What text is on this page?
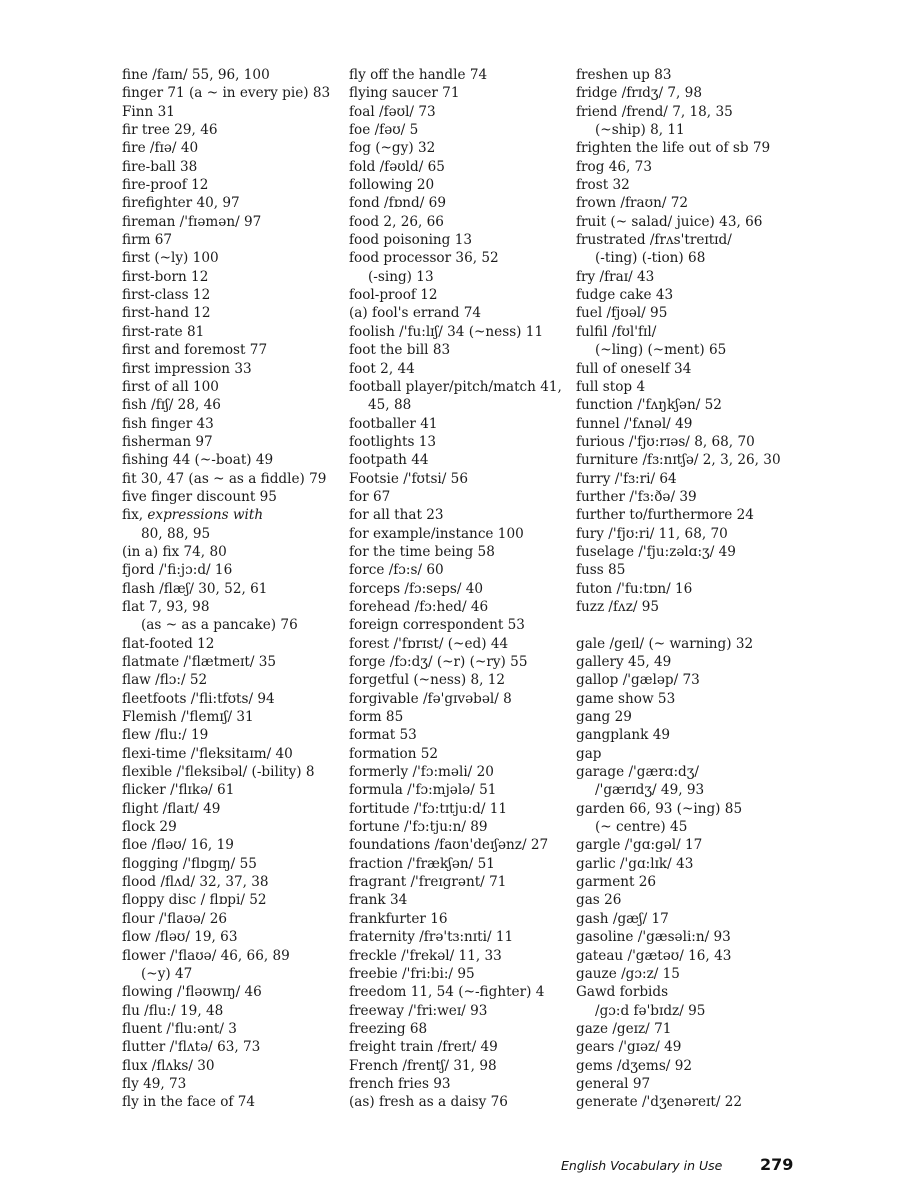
fine /faɪn/ 55, 96, 100
finger 71 (a ~ in every pie) 83
Finn 31
fir tree 29, 46
fire /fɪə/ 40
fire-ball 38
fire-proof 12
firefighter 40, 97
fireman /'fɪəmən/ 97
firm 67
first (~ly) 100
first-born 12
first-class 12
first-hand 12
first-rate 81
first and foremost 77
first impression 33
first of all 100
fish /fɪʃ/ 28, 46
fish finger 43
fisherman 97
fishing 44 (~-boat) 49
fit 30, 47 (as ~ as a fiddle) 79
five finger discount 95
fix, expressions with
80, 88, 95
(in a) fix 74, 80
fjord /'fi:jɔ:d/ 16
flash /flæʃ/ 30, 52, 61
flat 7, 93, 98
(as ~ as a pancake) 76
flat-footed 12
flatmate /'flætmeɪt/ 35
flaw /flɔ:/ 52
fleetfoots /'fli:tfʊts/ 94
Flemish /'flemɪʃ/ 31
flew /flu:/ 19
flexi-time /'fleksitaɪm/ 40
flexible /'fleksibəl/ (-bility) 8
flicker /'flɪkə/ 61
flight /flaɪt/ 49
flock 29
floe /fləʊ/ 16, 19
flogging /'flɒgɪŋ/ 55
flood /flʌd/ 32, 37, 38
floppy disc / flɒpi/ 52
flour /'flaʊə/ 26
flow /fləʊ/ 19, 63
flower /'flaʊə/ 46, 66, 89
(~y) 47
flowing /'fləʊwɪŋ/ 46
flu /flu:/ 19, 48
fluent /'flu:ənt/ 3
flutter /'flʌtə/ 63, 73
flux /flʌks/ 30
fly 49, 73
fly in the face of 74
fly off the handle 74
flying saucer 71
foal /fəʊl/ 73
foe /fəʊ/ 5
fog (~gy) 32
fold /fəʊld/ 65
following 20
fond /fɒnd/ 69
food 2, 26, 66
food poisoning 13
food processor 36, 52
(-sing) 13
fool-proof 12
(a) fool's errand 74
foolish /'fu:lɪʃ/ 34 (~ness) 11
foot the bill 83
foot 2, 44
football player/pitch/match 41,
45, 88
footballer 41
footlights 13
footpath 44
Footsie /'fʊtsi/ 56
for 67
for all that 23
for example/instance 100
for the time being 58
force /fɔ:s/ 60
forceps /fɔ:seps/ 40
forehead /fɔ:hed/ 46
foreign correspondent 53
forest /'fɒrɪst/ (~ed) 44
forge /fɔ:dʒ/ (~r) (~ry) 55
forgetful (~ness) 8, 12
forgivable /fə'gɪvəbəl/ 8
form 85
format 53
formation 52
formerly /'fɔ:məli/ 20
formula /'fɔ:mjələ/ 51
fortitude /'fɔ:tɪtju:d/ 11
fortune /'fɔ:tju:n/ 89
foundations /faʊn'deɪʃənz/ 27
fraction /'frækʃən/ 51
fragrant /'freɪgrənt/ 71
frank 34
frankfurter 16
fraternity /frə'tɜ:nɪti/ 11
freckle /'frekəl/ 11, 33
freebie /'fri:bi:/ 95
freedom 11, 54 (~-fighter) 4
freeway /'fri:weɪ/ 93
freezing 68
freight train /freɪt/ 49
French /frentʃ/ 31, 98
french fries 93
(as) fresh as a daisy 76
freshen up 83
fridge /frɪdʒ/ 7, 98
friend /frend/ 7, 18, 35
(~ship) 8, 11
frighten the life out of sb 79
frog 46, 73
frost 32
frown /fraʊn/ 72
fruit (~ salad/ juice) 43, 66
frustrated /frʌs'treɪtɪd/
(-ting) (-tion) 68
fry /fraɪ/ 43
fudge cake 43
fuel /fjʊəl/ 95
fulfil /fʊl'fɪl/
(~ling) (~ment) 65
full of oneself 34
full stop 4
function /'fʌŋkʃən/ 52
funnel /'fʌnəl/ 49
furious /'fjʊ:rɪəs/ 8, 68, 70
furniture /fɜ:nɪtʃə/ 2, 3, 26, 30
furry /'fɜ:ri/ 64
further /'fɜ:ðə/ 39
further to/furthermore 24
fury /'fjʊ:ri/ 11, 68, 70
fuselage /'fju:zəlɑ:ʒ/ 49
fuss 85
futon /'fu:tɒn/ 16
fuzz /fʌz/ 95
gale /geɪl/ (~ warning) 32
gallery 45, 49
gallop /'gæləp/ 73
game show 53
gang 29
gangplank 49
gap
garage /'gærɑ:dʒ/
/'gærɪdʒ/ 49, 93
garden 66, 93 (~ing) 85
(~ centre) 45
gargle /'gɑ:gəl/ 17
garlic /'gɑ:lɪk/ 43
garment 26
gas 26
gash /gæʃ/ 17
gasoline /'gæsəli:n/ 93
gateau /'gætəʊ/ 16, 43
gauze /gɔ:z/ 15
Gawd forbids
/gɔ:d fə'bɪdz/ 95
gaze /geɪz/ 71
gears /'gɪəz/ 49
gems /dʒems/ 92
general 97
generate /'dʒenəreɪt/ 22
English Vocabulary in Use 279
